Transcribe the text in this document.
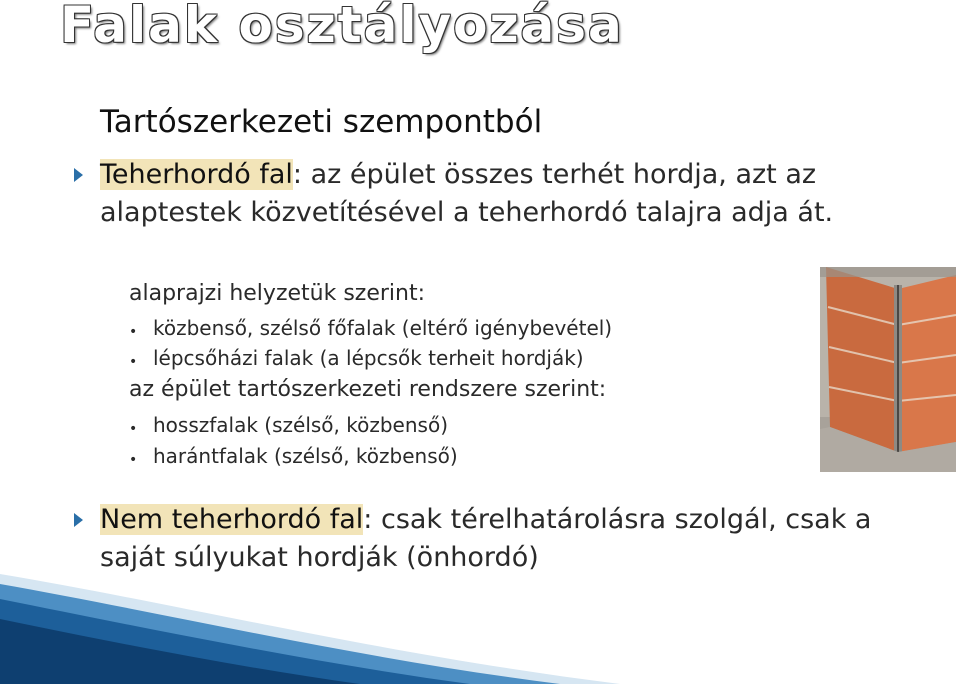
Falak osztályozása
Tartószerkezeti szempontból
Teherhordó fal: az épület összes terhét hordja, azt az alaptestek közvetítésével a teherhordó talajra adja át.
alaprajzi helyzetük szerint:
• közbenső, szélső főfalak (eltérő igénybevétel)
• lépcsőházi falak (a lépcsők terheit hordják)
az épület tartószerkezeti rendszere szerint:
• hosszfalak (szélső, közbenső)
• harántfalak (szélső, közbenső)
Nem teherhordó fal: csak térelhatárolásra szolgál, csak a saját súlyukat hordják (önhordó)
